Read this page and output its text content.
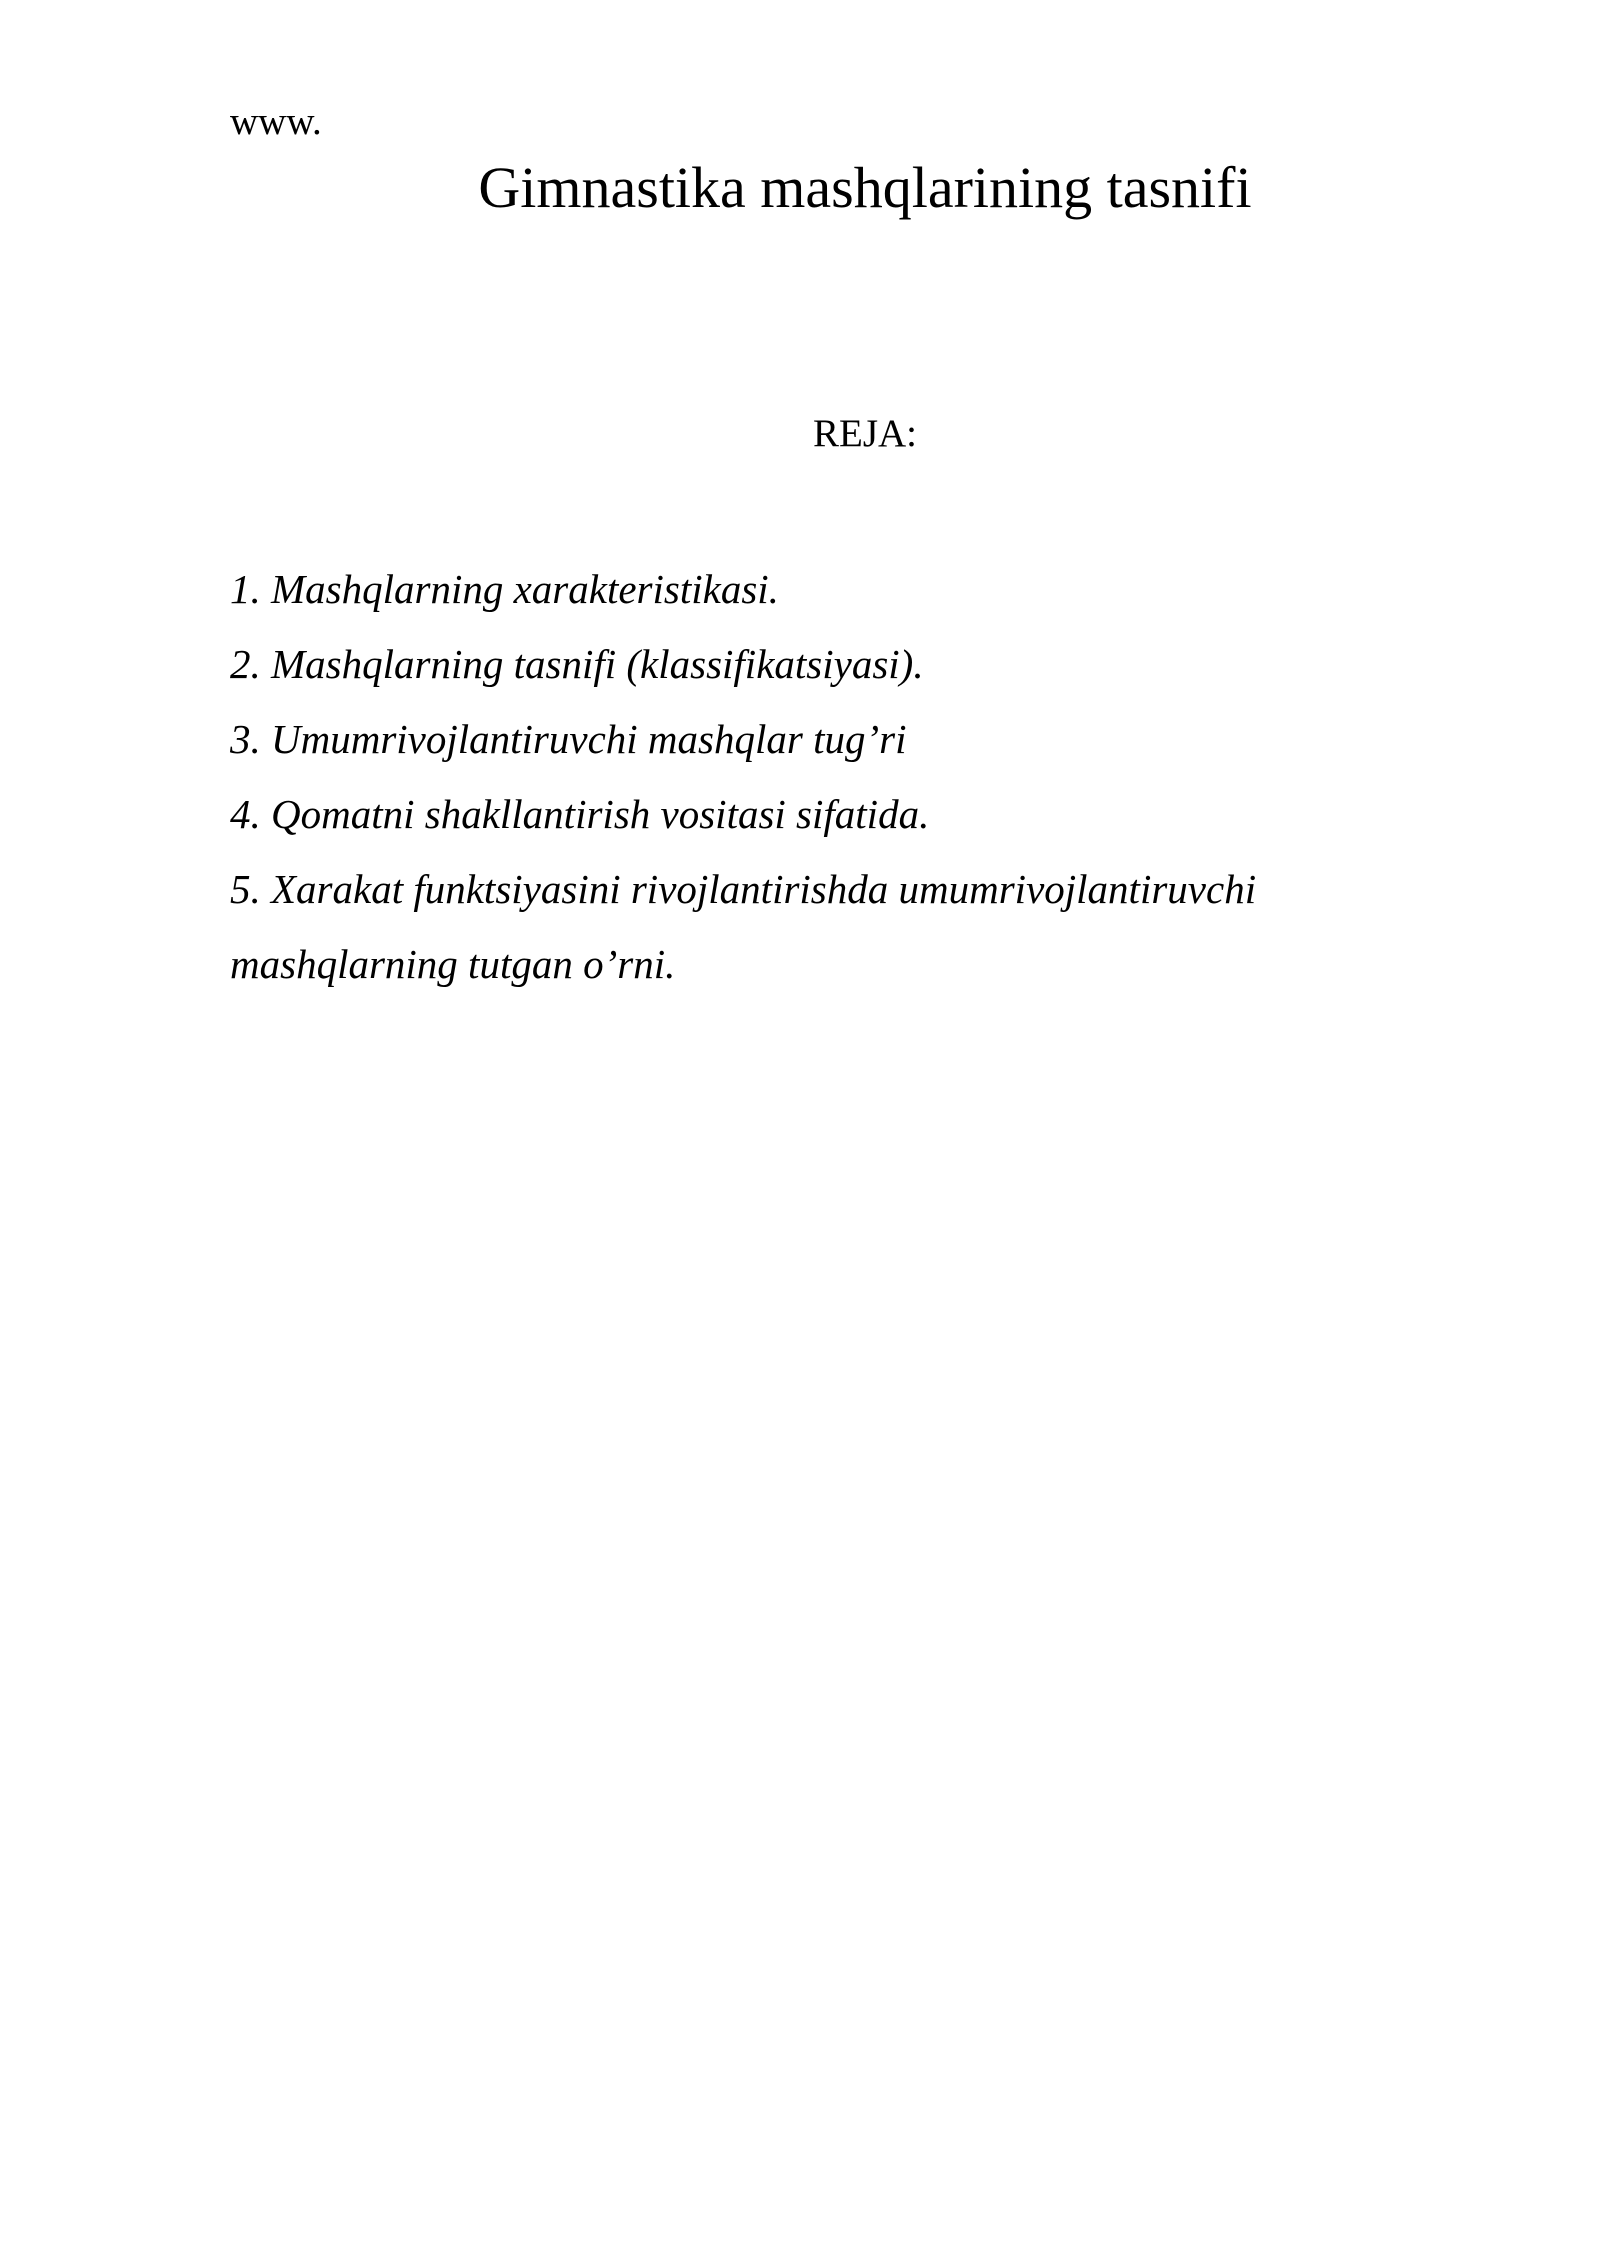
www.
Gimnastika mashqlarining tasnifi
REJA:
1. Mashqlarning xarakteristikasi.
2. Mashqlarning tasnifi (klassifikatsiyasi).
3. Umumrivojlantiruvchi mashqlar tug’ri
4. Qomatni shakllantirish vositasi sifatida.
5. Xarakat funktsiyasini rivojlantirishda umumrivojlantiruvchi mashqlarning tutgan o’rni.
